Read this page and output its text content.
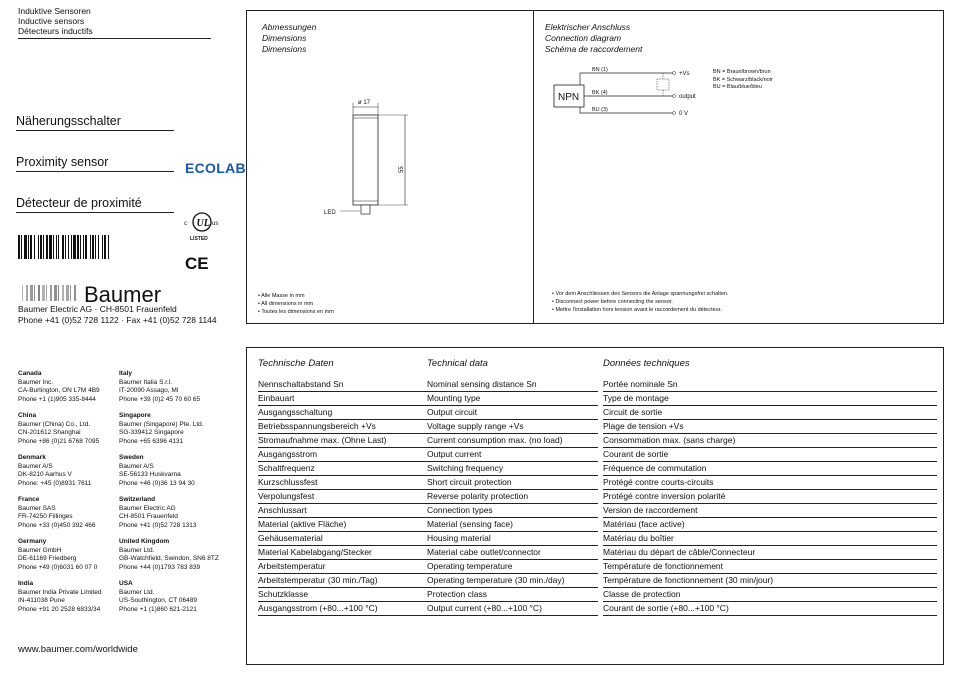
Induktive Sensoren
Inductive sensors
Détecteurs inductifs
Näherungsschalter
Proximity sensor
Détecteur de proximité
ECOLAB
UL
c	us
LISTED
CE
Baumer
Baumer Electric AG · CH-8501 Frauenfeld
Phone +41 (0)52 728 1122 · Fax +41 (0)52 728 1144
Canada
Baumer Inc.
CA-Burlington, ON L7M 4B9
Phone +1 (1)905 335-8444
China
Baumer (China) Co., Ltd.
CN-201612 Shanghai
Phone +86 (0)21 6768 7095
Denmark
Baumer A/S
DK-8210 Aarhus V
Phone: +45 (0)8931 7611
France
Baumer SAS
FR-74250 Fillinges
Phone +33 (0)450 392 466
Germany
Baumer GmbH
DE-61169 Friedberg
Phone +49 (0)6031 60 07 0
India
Baumer India Private Limited
IN-411038 Pune
Phone +91 20 2528 6833/34
Italy
Baumer Italia S.r.l.
IT-20090 Assago, MI
Phone +39 (0)2 45 70 60 65
Singapore
Baumer (Singapore) Pte. Ltd.
SG-339412 Singapore
Phone +65 6396 4131
Sweden
Baumer A/S
SE-56133 Huskvarna
Phone +46 (0)36 13 94 30
Switzerland
Baumer Electric AG
CH-8501 Frauenfeld
Phone +41 (0)52 728 1313
United Kingdom
Baumer Ltd.
GB-Watchfield, Swindon, SN6 8TZ
Phone +44 (0)1793 783 839
USA
Baumer Ltd.
US-Southington, CT 06489
Phone +1 (1)860 621-2121
www.baumer.com/worldwide
Abmessungen
Dimensions
Dimensions
ø 17
55
LED
• Alle Masse in mm
• All dimensions in mm
• Toutes les dimensions en mm
Elektrischer Anschluss
Connection diagram
Schéma de raccordement
NPN
BN (1)
BK (4)
BU (3)
+Vs
output
0 V
BN = Braun/brown/brun
BK = Schwarz/black/noir
BU = Blau/blue/bleu
• Vor dem Anschliessen des Sensors die Anlage spannungsfrei schalten.
• Disconnect power before connecting the sensor.
• Mettre l’installation hors tension avant le raccordement du détecteur.
Technische Daten	Technical data	Données techniques
Nennschaltabstand Sn	Nominal sensing distance Sn	Portée nominale Sn
Einbauart	Mounting type	Type de montage
Ausgangsschaltung	Output circuit	Circuit de sortie
Betriebsspannungsbereich +Vs	Voltage supply range +Vs	Plage de tension +Vs
Stromaufnahme max. (Ohne Last)	Current consumption max. (no load)	Consommation max. (sans charge)
Ausgangsstrom	Output current	Courant de sortie
Schaltfrequenz	Switching frequency	Fréquence de commutation
Kurzschlussfest	Short circuit protection	Protégé contre courts-circuits
Verpolungsfest	Reverse polarity protection	Protégé contre inversion polarité
Anschlussart	Connection types	Version de raccordement
Material (aktive Fläche)	Material (sensing face)	Matériau (face active)
Gehäusematerial	Housing material	Matériau du boîtier
Material Kabelabgang/Stecker	Material cabe outlet/connector	Matériau du départ de câble/Connecteur
Arbeitstemperatur	Operating temperature	Température de fonctionnement
Arbeitstemperatur (30 min./Tag)	Operating temperature (30 min./day)	Température de fonctionnement (30 min/jour)
Schutzklasse	Protection class	Classe de protection
Ausgangsstrom (+80...+100 °C)	Output current (+80...+100 °C)	Courant de sortie (+80...+100 °C)
